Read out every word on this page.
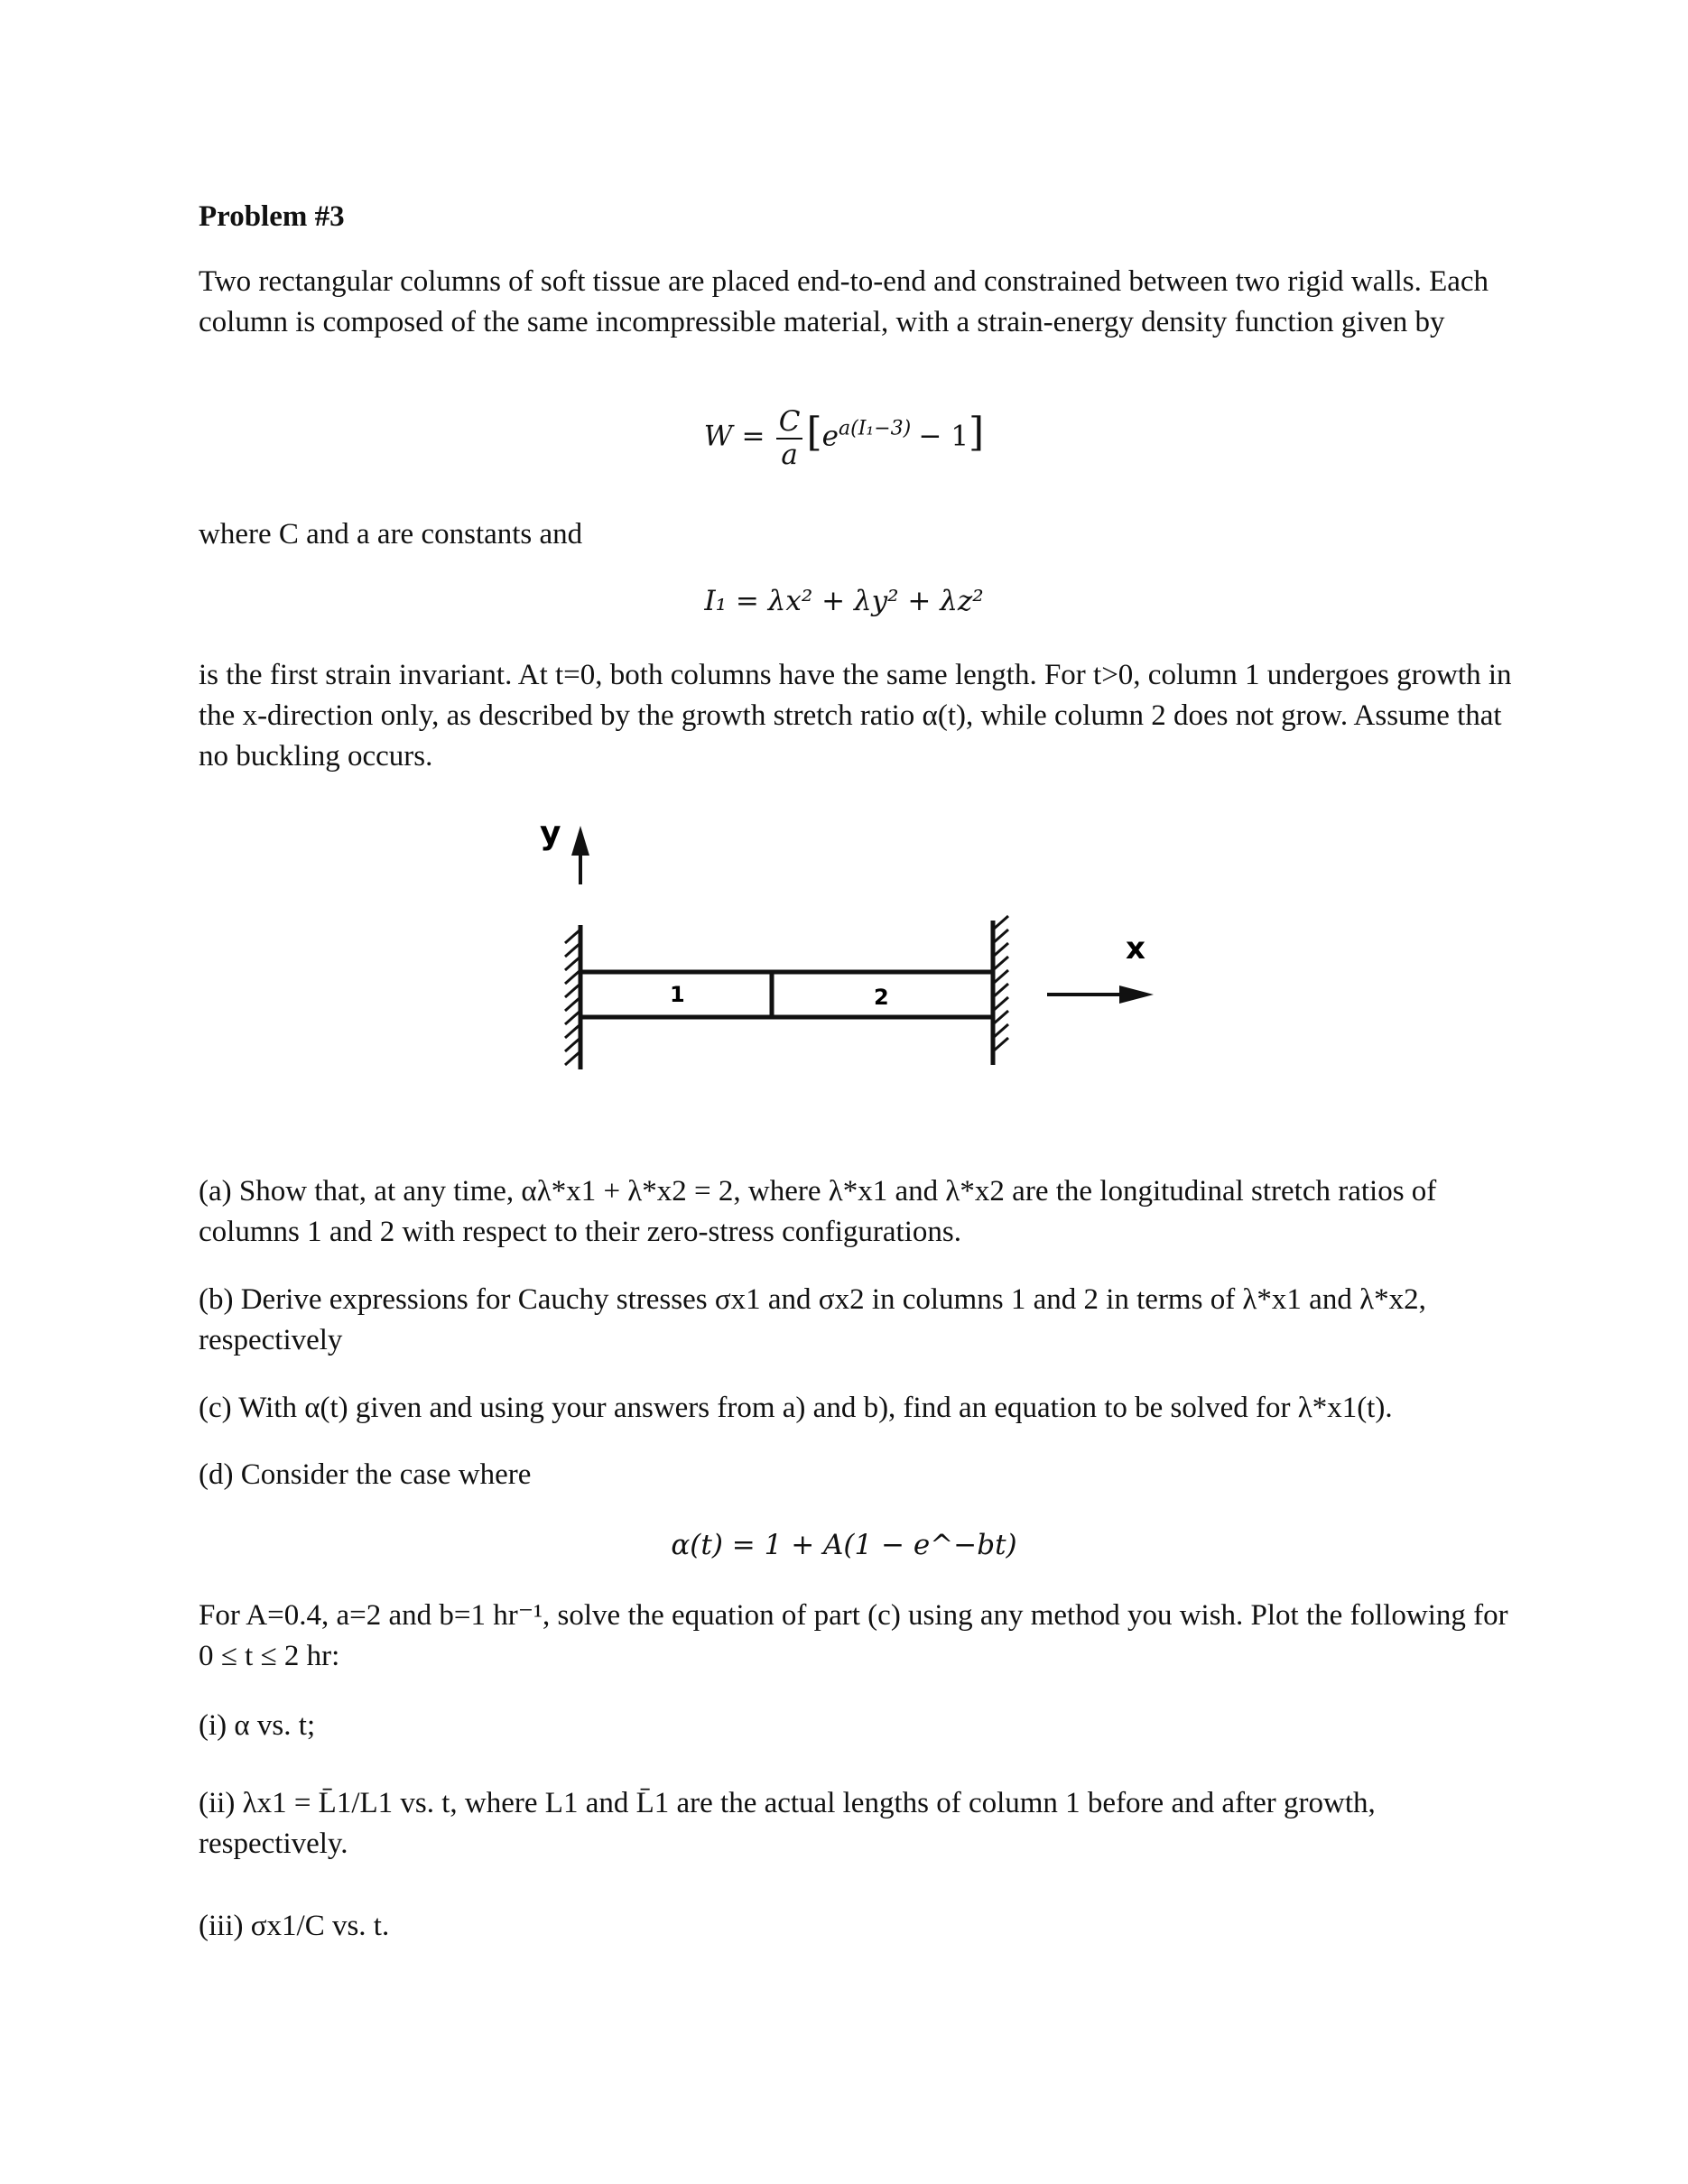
Problem #3

Two rectangular columns of soft tissue are placed end-to-end and constrained between two rigid walls. Each column is composed of the same incompressible material, with a strain-energy density function given by

$W = \frac{C}{a} [e^{a(I_1-3)} - 1]$

where C and a are constants and

I₁ = λx² + λy² + λz²

is the first strain invariant. At t=0, both columns have the same length. For t>0, column 1 undergoes growth in the x-direction only, as described by the growth stretch ratio α(t), while column 2 does not grow. Assume that no buckling occurs.

y
1	2
x

(a) Show that, at any time, αλ*x1 + λ*x2 = 2, where λ*x1 and λ*x2 are the longitudinal stretch ratios of columns 1 and 2 with respect to their zero-stress configurations.

(b) Derive expressions for Cauchy stresses σx1 and σx2 in columns 1 and 2 in terms of λ*x1 and λ*x2, respectively

(c) With α(t) given and using your answers from a) and b), find an equation to be solved for λ*x1(t).

(d) Consider the case where

α(t) = 1 + A(1 − e^−bt)

For A=0.4, a=2 and b=1 hr⁻¹, solve the equation of part (c) using any method you wish. Plot the following for 0 ≤ t ≤ 2 hr:

(i) α vs. t;

(ii) λx1 = L̄1/L1 vs. t, where L1 and L̄1 are the actual lengths of column 1 before and after growth, respectively.

(iii) σx1/C vs. t.
